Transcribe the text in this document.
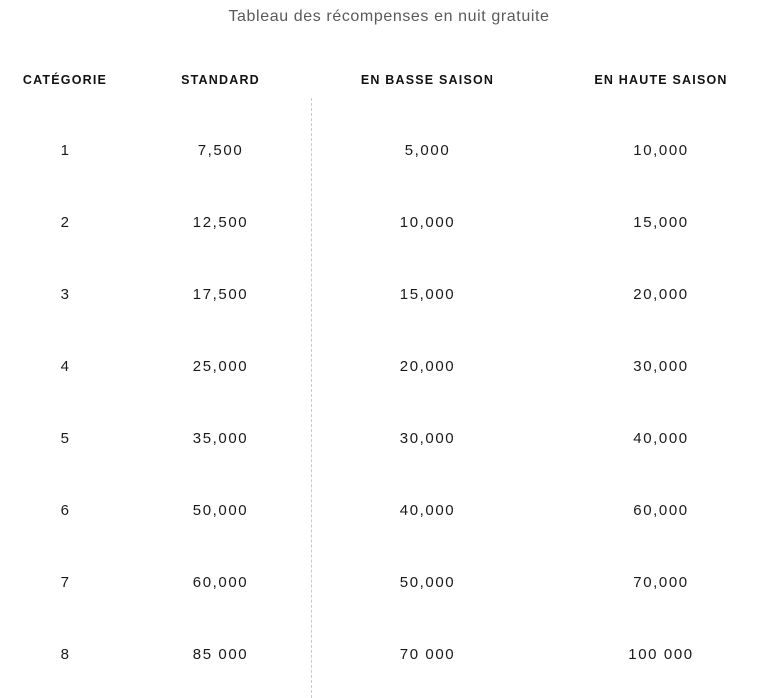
Tableau des récompenses en nuit gratuite
CATÉGORIE	STANDARD	EN BASSE SAISON	EN HAUTE SAISON
1	7,500	5,000	10,000
2	12,500	10,000	15,000
3	17,500	15,000	20,000
4	25,000	20,000	30,000
5	35,000	30,000	40,000
6	50,000	40,000	60,000
7	60,000	50,000	70,000
8	85 000	70 000	100 000
